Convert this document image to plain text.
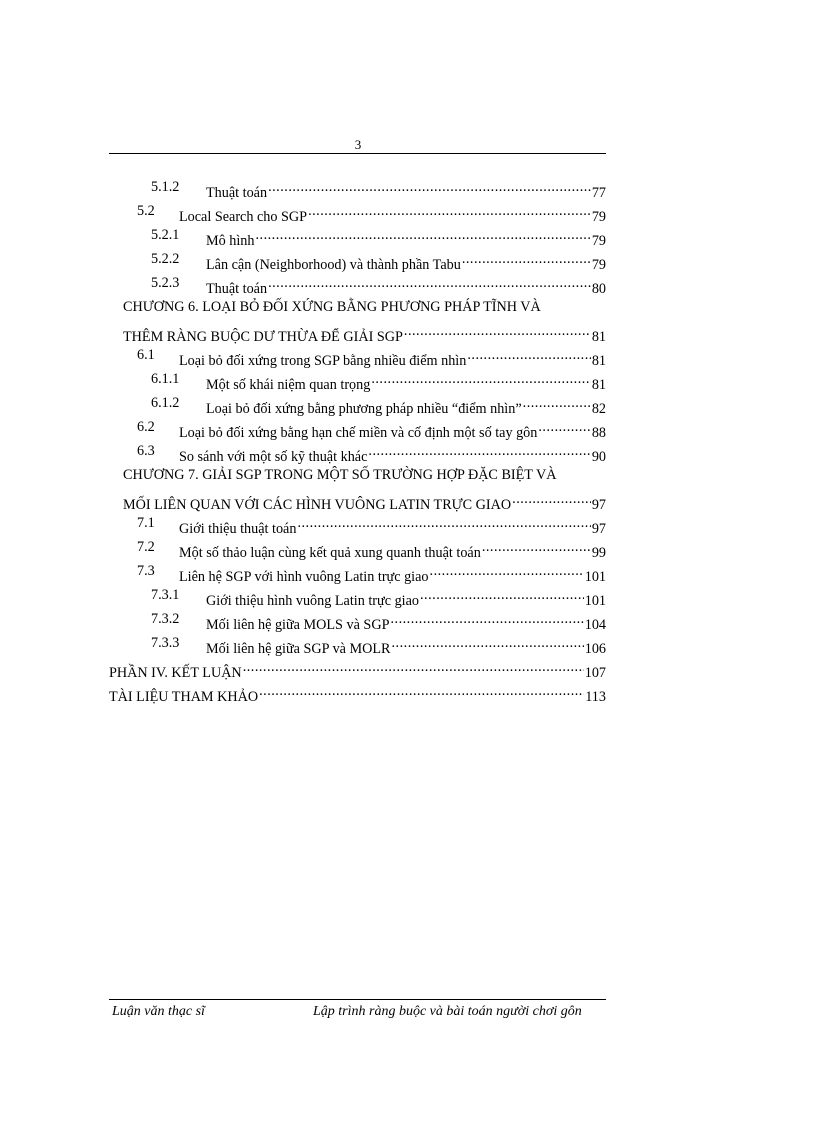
3
5.1.2 Thuật toán .....	77
5.2 Local Search cho SGP .....	79
5.2.1 Mô hình .....	79
5.2.2 Lân cận (Neighborhood) và thành phần Tabu .....	79
5.2.3 Thuật toán .....	80
CHƯƠNG 6. LOẠI BỎ ĐỐI XỨNG BẰNG PHƯƠNG PHÁP TĨNH VÀ
THÊM RÀNG BUỘC DƯ THỪA ĐỂ GIẢI SGP .....	81
6.1 Loại bỏ đối xứng trong SGP bằng nhiều điểm nhìn .....	81
6.1.1 Một số khái niệm quan trọng .....	81
6.1.2 Loại bỏ đối xứng bằng phương pháp nhiều “điểm nhìn” .....	82
6.2 Loại bỏ đối xứng bằng hạn chế miền và cố định một số tay gôn .....	88
6.3 So sánh với một số kỹ thuật khác .....	90
CHƯƠNG 7. GIẢI SGP TRONG MỘT SỐ TRƯỜNG HỢP ĐẶC BIỆT VÀ
MỐI LIÊN QUAN VỚI CÁC HÌNH VUÔNG LATIN TRỰC GIAO .....	97
7.1 Giới thiệu thuật toán .....	97
7.2 Một số thảo luận cùng kết quả xung quanh thuật toán .....	99
7.3 Liên hệ SGP với hình vuông Latin trực giao .....	101
7.3.1 Giới thiệu hình vuông Latin trực giao .....	101
7.3.2 Mối liên hệ giữa MOLS và SGP .....	104
7.3.3 Mối liên hệ giữa SGP và MOLR .....	106
PHẦN IV. KẾT LUẬN .....	107
TÀI LIỆU THAM KHẢO .....	113
Luận văn thạc sĩ	Lập trình ràng buộc và bài toán người chơi gôn
